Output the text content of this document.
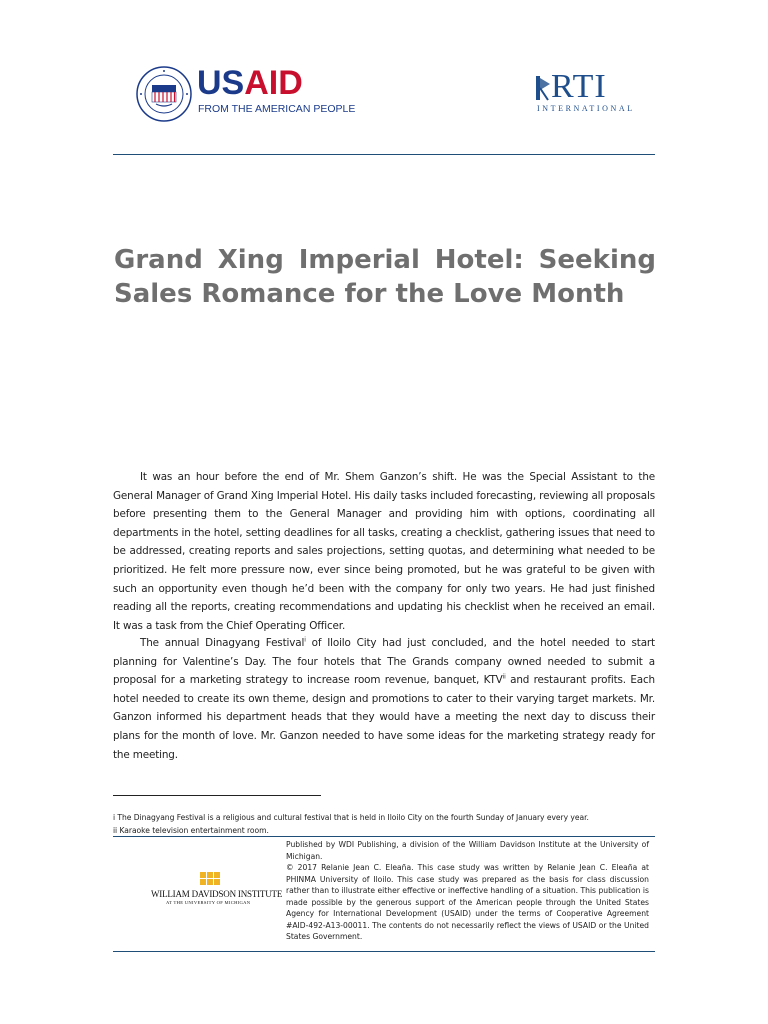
USAID
FROM THE AMERICAN PEOPLE
RTI
INTERNATIONAL
Grand Xing Imperial Hotel: Seeking
Sales Romance for the Love Month

It was an hour before the end of Mr. Shem Ganzon’s shift. He was the Special Assistant to the General Manager of Grand Xing Imperial Hotel. His daily tasks included forecasting, reviewing all proposals before presenting them to the General Manager and providing him with options, coordinating all departments in the hotel, setting deadlines for all tasks, creating a checklist, gathering issues that need to be addressed, creating reports and sales projections, setting quotas, and determining what needed to be prioritized. He felt more pressure now, ever since being promoted, but he was grateful to be given with such an opportunity even though he’d been with the company for only two years. He had just finished reading all the reports, creating recommendations and updating his checklist when he received an email. It was a task from the Chief Operating Officer.

The annual Dinagyang Festival$^i$ of Iloilo City had just concluded, and the hotel needed to start planning for Valentine’s Day. The four hotels that The Grands company owned needed to submit a proposal for a marketing strategy to increase room revenue, banquet, KTV$^{ii}$ and restaurant profits. Each hotel needed to create its own theme, design and promotions to cater to their varying target markets. Mr. Ganzon informed his department heads that they would have a meeting the next day to discuss their plans for the month of love. Mr. Ganzon needed to have some ideas for the marketing strategy ready for the meeting.

i The Dinagyang Festival is a religious and cultural festival that is held in Iloilo City on the fourth Sunday of January every year.
ii Karaoke television entertainment room.
WILLIAM DAVIDSON INSTITUTE
AT THE UNIVERSITY OF MICHIGAN

Published by WDI Publishing, a division of the William Davidson Institute at the University of Michigan.

© 2017 Relanie Jean C. Eleaña. This case study was written by Relanie Jean C. Eleaña at PHINMA University of Iloilo. This case study was prepared as the basis for class discussion rather than to illustrate either effective or ineffective handling of a situation. This publication is made possible by the generous support of the American people through the United States Agency for International Development (USAID) under the terms of Cooperative Agreement #AID-492-A13-00011. The contents do not necessarily reflect the views of USAID or the United States Government.
